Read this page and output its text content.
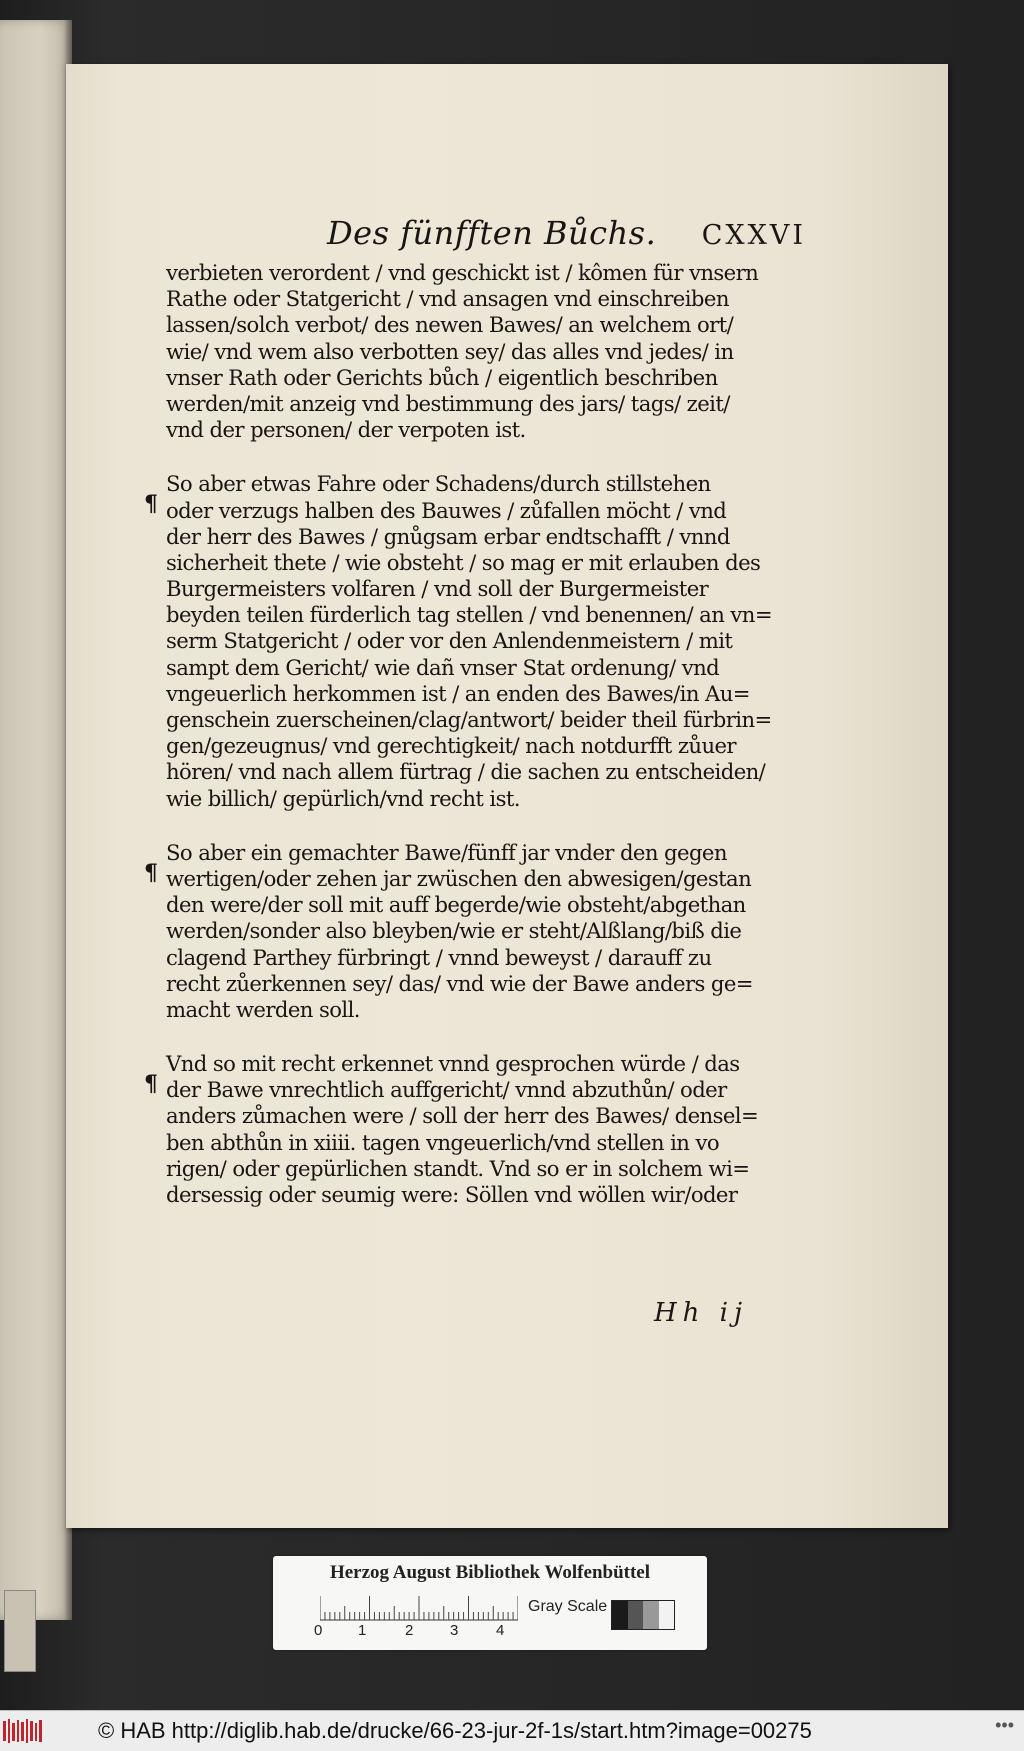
Des fünfften Bůchs. CXXVI
verbieten verordent / vnd geschickt ist / kômen für vnsern
Rathe oder Statgericht / vnd ansagen vnd einschreiben
lassen/solch verbot/ des newen Bawes/ an welchem ort/
wie/ vnd wem also verbotten sey/ das alles vnd jedes/ in
vnser Rath oder Gerichts bůch / eigentlich beschriben
werden/mit anzeig vnd bestimmung des jars/ tags/ zeit/
vnd der personen/ der verpoten ist.
¶
So aber etwas Fahre oder Schadens/durch stillstehen
oder verzugs halben des Bauwes / zůfallen möcht / vnd
der herr des Bawes / gnůgsam erbar endtschafft / vnnd
sicherheit thete / wie obsteht / so mag er mit erlauben des
Burgermeisters volfaren / vnd soll der Burgermeister
beyden teilen fürderlich tag stellen / vnd benennen/ an vn=
serm Statgericht / oder vor den Anlendenmeistern / mit
sampt dem Gericht/ wie dañ vnser Stat ordenung/ vnd
vngeuerlich herkommen ist / an enden des Bawes/in Au=
genschein zuerscheinen/clag/antwort/ beider theil fürbrin=
gen/gezeugnus/ vnd gerechtigkeit/ nach notdurfft zůuer
hören/ vnd nach allem fürtrag / die sachen zu entscheiden/
wie billich/ gepürlich/vnd recht ist.
¶
So aber ein gemachter Bawe/fünff jar vnder den gegen
wertigen/oder zehen jar zwüschen den abwesigen/gestan
den were/der soll mit auff begerde/wie obsteht/abgethan
werden/sonder also bleyben/wie er steht/Alßlang/biß die
clagend Parthey fürbringt / vnnd beweyst / darauff zu
recht zůerkennen sey/ das/ vnd wie der Bawe anders ge=
macht werden soll.
¶
Vnd so mit recht erkennet vnnd gesprochen würde / das
der Bawe vnrechtlich auffgericht/ vnnd abzuthůn/ oder
anders zůmachen were / soll der herr des Bawes/ densel=
ben abthůn in xiiii. tagen vngeuerlich/vnd stellen in vo
rigen/ oder gepürlichen standt. Vnd so er in solchem wi=
dersessig oder seumig were: Söllen vnd wöllen wir/oder
Hh ij
Herzog August Bibliothek Wolfenbüttel
0 1	2 3	4
Gray Scale
© HAB http://diglib.hab.de/drucke/66-23-jur-2f-1s/start.htm?image=00275	•••
